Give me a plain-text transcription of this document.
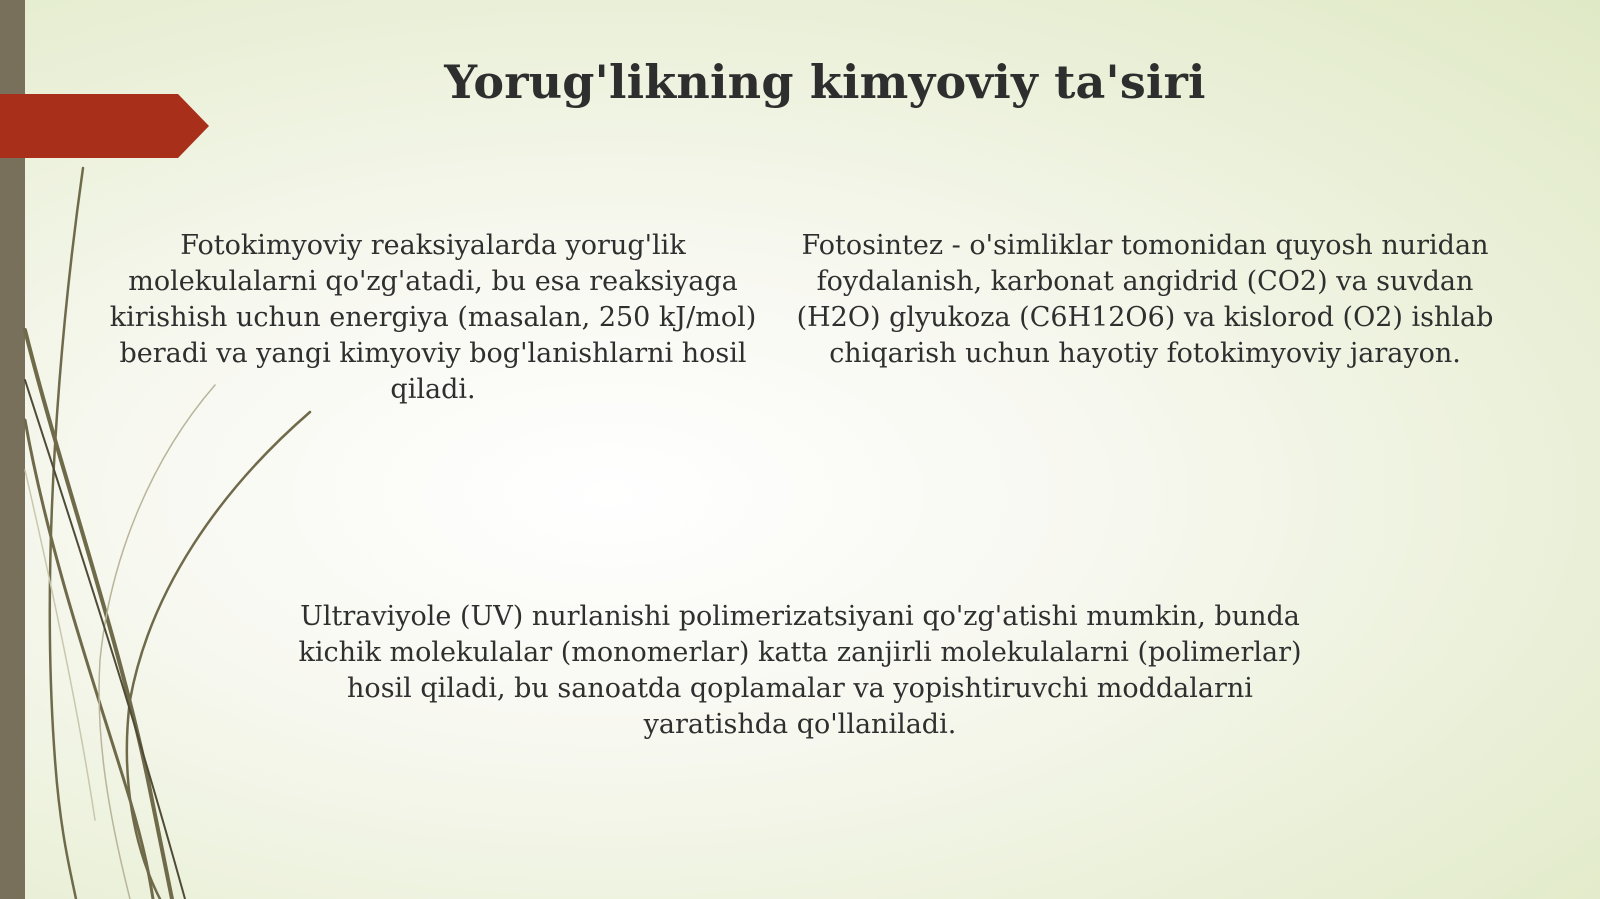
Yorug'likning kimyoviy ta'siri

Fotokimyoviy reaksiyalarda yorug'lik molekulalarni qo'zg'atadi, bu esa reaksiyaga kirishish uchun energiya (masalan, 250 kJ/mol) beradi va yangi kimyoviy bog'lanishlarni hosil qiladi.

Fotosintez - o'simliklar tomonidan quyosh nuridan foydalanish, karbonat angidrid (CO2) va suvdan (H2O) glyukoza (C6H12O6) va kislorod (O2) ishlab chiqarish uchun hayotiy fotokimyoviy jarayon.

Ultraviyole (UV) nurlanishi polimerizatsiyani qo'zg'atishi mumkin, bunda kichik molekulalar (monomerlar) katta zanjirli molekulalarni (polimerlar) hosil qiladi, bu sanoatda qoplamalar va yopishtiruvchi moddalarni yaratishda qo'llaniladi.
